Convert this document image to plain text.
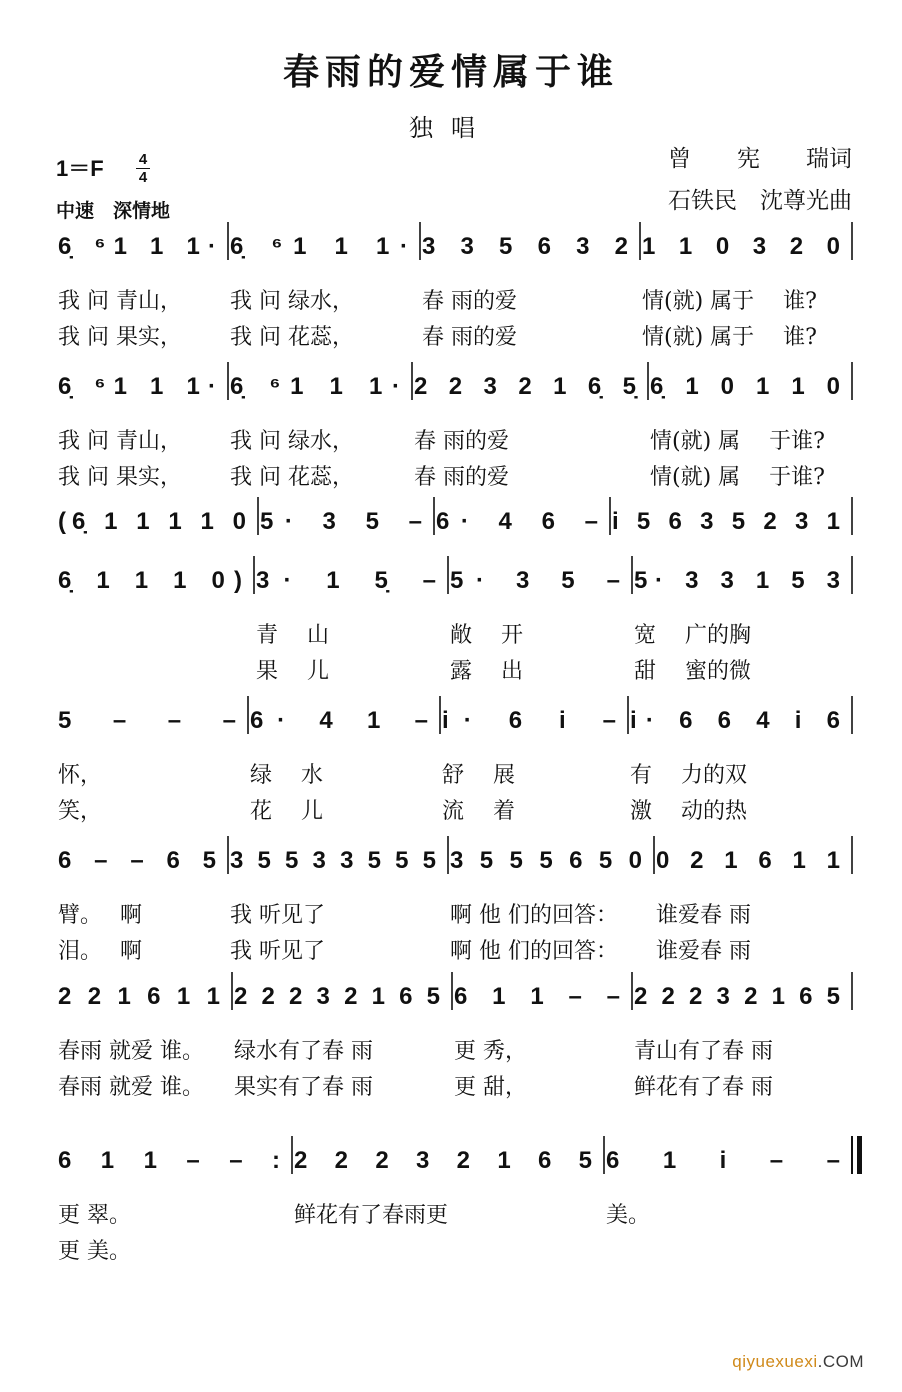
春雨的爱情属于谁
独唱
曾　　宪　　瑞词
石铁民　沈尊光曲
1＝F 4
4
中速　深情地
6̣ ⁶1 1 1· 6̣ ⁶1 1 1· 3 3 5 6 3 2 1 1 0 3 2 0
我 问 青山， 我 问 绿水，	春 雨的爱	情(就) 属于　 谁?
我 问 果实， 我 问 花蕊，	春 雨的爱	情(就) 属于　 谁?
6̣ ⁶1 1 1· 6̣ ⁶1 1 1· 2 2 3 2 1 6̣ 5̣ 6̣ 1 0 1 1 0
我 问 青山， 我 问 绿水，	春 雨的爱	情(就) 属　 于谁?
我 问 果实， 我 问 花蕊，	春 雨的爱	情(就) 属　 于谁?
(6̣ 1 1 1 1 0 5· 3 5 – 6· 4 6 – i 5 6 3 5 2 3 1
6̣ 1 1 1 0) 3· 1 5̣ – 5· 3 5 – 5· 3 3 1 5 3
青　 山	敞　 开	宽　 广的胸
果　 儿	露　 出	甜　 蜜的微
5 – – – 6· 4 1 – i· 6 i – i· 6 6 4 i 6
怀，	绿　 水	舒　 展	有　 力的双
笑，	花　 儿	流　 着	激　 动的热
6 – – 6 5 3 5 5 3 3 5 5 5 3 5 5 5 6 5 0 0 2 1 6 1 1
臂。　 啊	我 听见了	啊 他 们的回答： 谁爱春 雨
泪。　 啊	我 听见了	啊 他 们的回答： 谁爱春 雨
2 2 1 6 1 1 2 2 2 3 2 1 6 5 6 1 1 – – 2 2 2 3 2 1 6 5
春雨 就爱 谁。 绿水有了春 雨	更 秀，	青山有了春 雨
春雨 就爱 谁。 果实有了春 雨	更 甜，	鲜花有了春 雨
6 1 1 – – : 2 2 2 3 2 1 6 5 6 1 i – –
更 翠。	鲜花有了春雨更	美。
更 美。
qiyuexuexi.COM
